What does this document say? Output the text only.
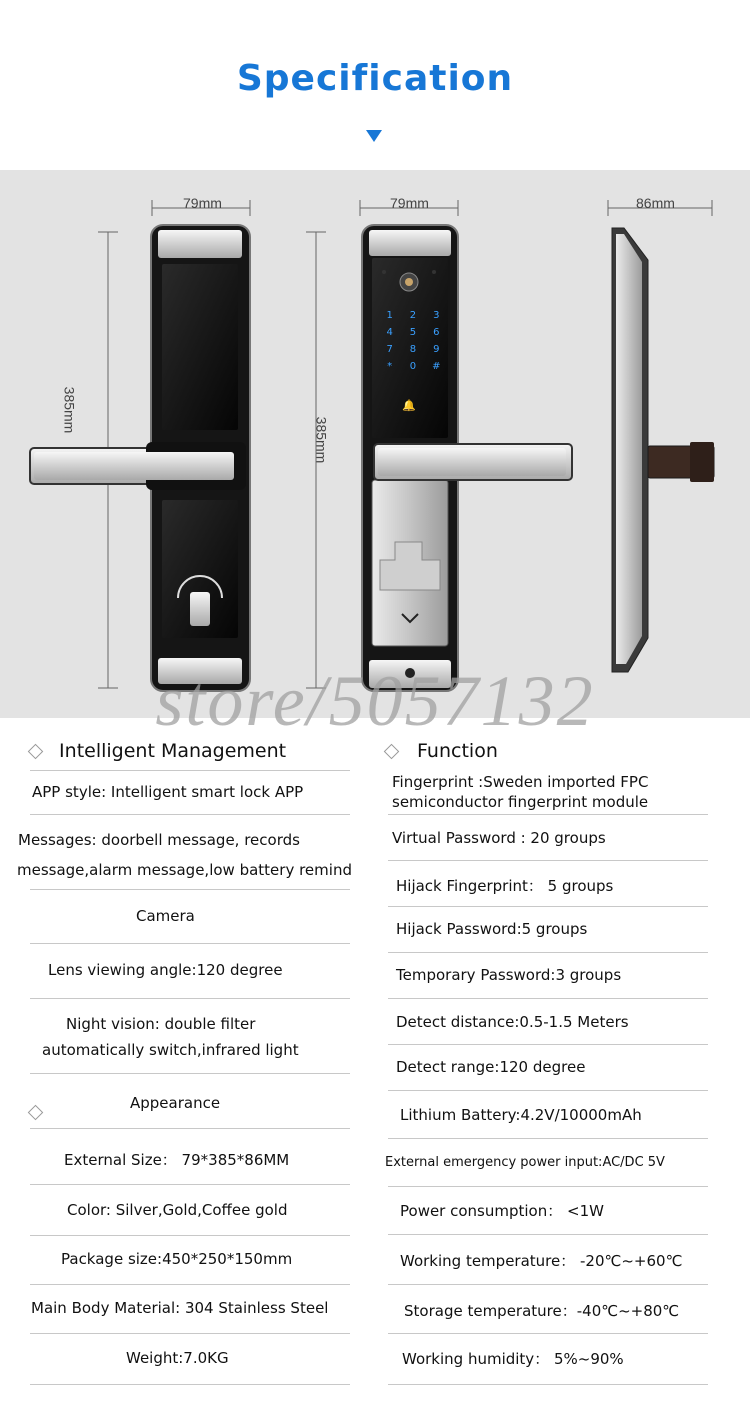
Specification
79mm	79mm	86mm
385mm
385mm
1	2	3
4	5	6
7	8	9
*	0	#
🔔
store/5057132
Intelligent Management
APP style: Intelligent smart lock APP
Messages: doorbell message, records
message,alarm message,low battery remind
Camera
Lens viewing angle:120 degree
Night vision: double filter
automatically switch,infrared light
Appearance
External Size： 79*385*86MM
Color: Silver,Gold,Coffee gold
Package size:450*250*150mm
Main Body Material: 304 Stainless Steel
Weight:7.0KG
Function
Fingerprint :Sweden imported FPC
semiconductor fingerprint module
Virtual Password : 20 groups
Hijack Fingerprint： 5 groups
Hijack Password:5 groups
Temporary Password:3 groups
Detect distance:0.5-1.5 Meters
Detect range:120 degree
Lithium Battery:4.2V/10000mAh
External emergency power input:AC/DC 5V
Power consumption： <1W
Working temperature： -20℃~+60℃
Storage temperature：-40℃~+80℃
Working humidity： 5%~90%
